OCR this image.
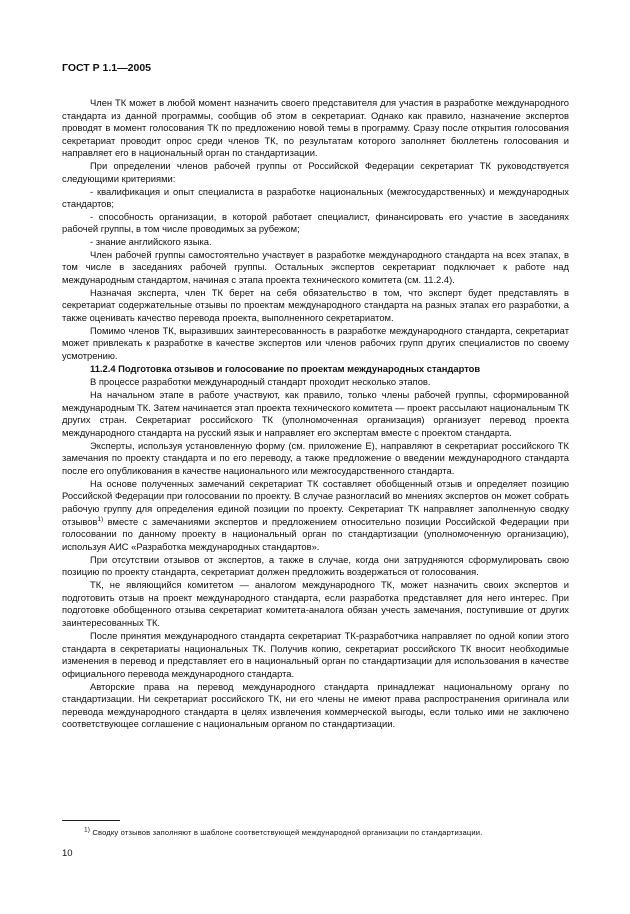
ГОСТ Р 1.1—2005

Член ТК может в любой момент назначить своего представителя для участия в разработке международного стандарта из данной программы, сообщив об этом в секретариат. Однако как правило, назначение экспертов проводят в момент голосования ТК по предложению новой темы в программу. Сразу после открытия голосования секретариат проводит опрос среди членов ТК, по результатам которого заполняет бюллетень голосования и направляет его в национальный орган по стандартизации.

При определении членов рабочей группы от Российской Федерации секретариат ТК руководствуется следующими критериями:

- квалификация и опыт специалиста в разработке национальных (межгосударственных) и международных стандартов;

- способность организации, в которой работает специалист, финансировать его участие в заседаниях рабочей группы, в том числе проводимых за рубежом;

- знание английского языка.

Член рабочей группы самостоятельно участвует в разработке международного стандарта на всех этапах, в том числе в заседаниях рабочей группы. Остальных экспертов секретариат подключает к работе над международным стандартом, начиная с этапа проекта технического комитета (см. 11.2.4).

Назначая эксперта, член ТК берет на себя обязательство в том, что эксперт будет представлять в секретариат содержательные отзывы по проектам международного стандарта на разных этапах его разработки, а также оценивать качество перевода проекта, выполненного секретариатом.

Помимо членов ТК, выразивших заинтересованность в разработке международного стандарта, секретариат может привлекать к разработке в качестве экспертов или членов рабочих групп других специалистов по своему усмотрению.

11.2.4 Подготовка отзывов и голосование по проектам международных стандартов

В процессе разработки международный стандарт проходит несколько этапов.

На начальном этапе в работе участвуют, как правило, только члены рабочей группы, сформированной международным ТК. Затем начинается этап проекта технического комитета — проект рассылают национальным ТК других стран. Секретариат российского ТК (уполномоченная организация) организует перевод проекта международного стандарта на русский язык и направляет его экспертам вместе с проектом стандарта.

Эксперты, используя установленную форму (см. приложение Е), направляют в секретариат российского ТК замечания по проекту стандарта и по его переводу, а также предложение о введении международного стандарта после его опубликования в качестве национального или межгосударственного стандарта.

На основе полученных замечаний секретариат ТК составляет обобщенный отзыв и определяет позицию Российской Федерации при голосовании по проекту. В случае разногласий во мнениях экспертов он может собрать рабочую группу для определения единой позиции по проекту. Секретариат ТК направляет заполненную сводку отзывов$^{1)}$ вместе с замечаниями экспертов и предложением относительно позиции Российской Федерации при голосовании по данному проекту в национальный орган по стандартизации (уполномоченную организацию), используя АИС «Разработка международных стандартов».

При отсутствии отзывов от экспертов, а также в случае, когда они затрудняются сформулировать свою позицию по проекту стандарта, секретариат должен предложить воздержаться от голосования.

ТК, не являющийся комитетом — аналогом международного ТК, может назначить своих экспертов и подготовить отзыв на проект международного стандарта, если разработка представляет для него интерес. При подготовке обобщенного отзыва секретариат комитета-аналога обязан учесть замечания, поступившие от других заинтересованных ТК.

После принятия международного стандарта секретариат ТК-разработчика направляет по одной копии этого стандарта в секретариаты национальных ТК. Получив копию, секретариат российского ТК вносит необходимые изменения в перевод и представляет его в национальный орган по стандартизации для использования в качестве официального перевода международного стандарта.

Авторские права на перевод международного стандарта принадлежат национальному органу по стандартизации. Ни секретариат российского ТК, ни его члены не имеют права распространения оригинала или перевода международного стандарта в целях извлечения коммерческой выгоды, если только ими не заключено соответствующее соглашение с национальным органом по стандартизации.

$^{1)}$ Сводку отзывов заполняют в шаблоне соответствующей международной организации по стандартизации.
10
